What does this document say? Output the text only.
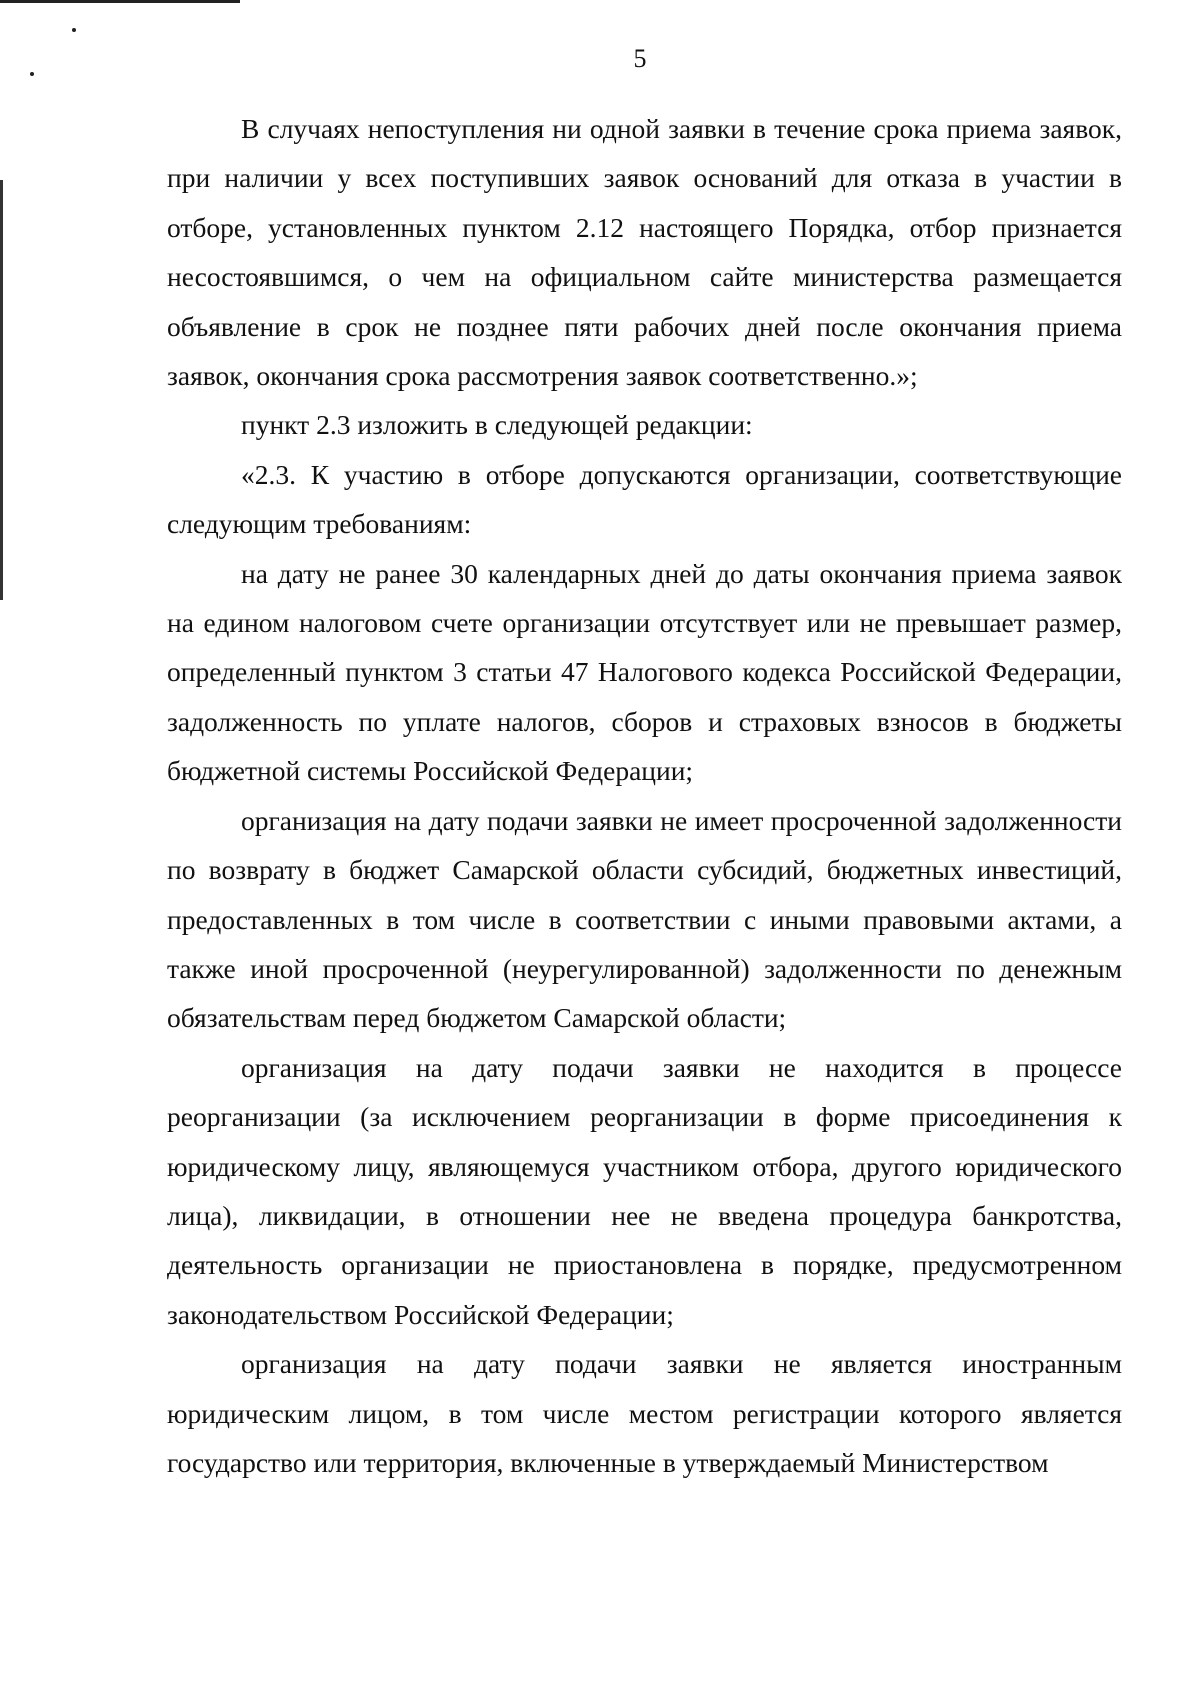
5

В случаях непоступления ни одной заявки в течение срока приема заявок, при наличии у всех поступивших заявок оснований для отказа в участии в отборе, установленных пунктом 2.12 настоящего Порядка, отбор признается несостоявшимся, о чем на официальном сайте министерства размещается объявление в срок не позднее пяти рабочих дней после окончания приема заявок, окончания срока рассмотрения заявок соответственно.»;

пункт 2.3 изложить в следующей редакции:

«2.3. К участию в отборе допускаются организации, соответствующие следующим требованиям:

на дату не ранее 30 календарных дней до даты окончания приема заявок на едином налоговом счете организации отсутствует или не превышает размер, определенный пунктом 3 статьи 47 Налогового кодекса Российской Федерации, задолженность по уплате налогов, сборов и страховых взносов в бюджеты бюджетной системы Российской Федерации;

организация на дату подачи заявки не имеет просроченной задолженности по возврату в бюджет Самарской области субсидий, бюджетных инвестиций, предоставленных в том числе в соответствии с иными правовыми актами, а также иной просроченной (неурегулированной) задолженности по денежным обязательствам перед бюджетом Самарской области;

организация на дату подачи заявки не находится в процессе реорганизации (за исключением реорганизации в форме присоединения к юридическому лицу, являющемуся участником отбора, другого юридического лица), ликвидации, в отношении нее не введена процедура банкротства, деятельность организации не приостановлена в порядке, предусмотренном законодательством Российской Федерации;

организация на дату подачи заявки не является иностранным юридическим лицом, в том числе местом регистрации которого является государство или территория, включенные в утверждаемый Министерством
